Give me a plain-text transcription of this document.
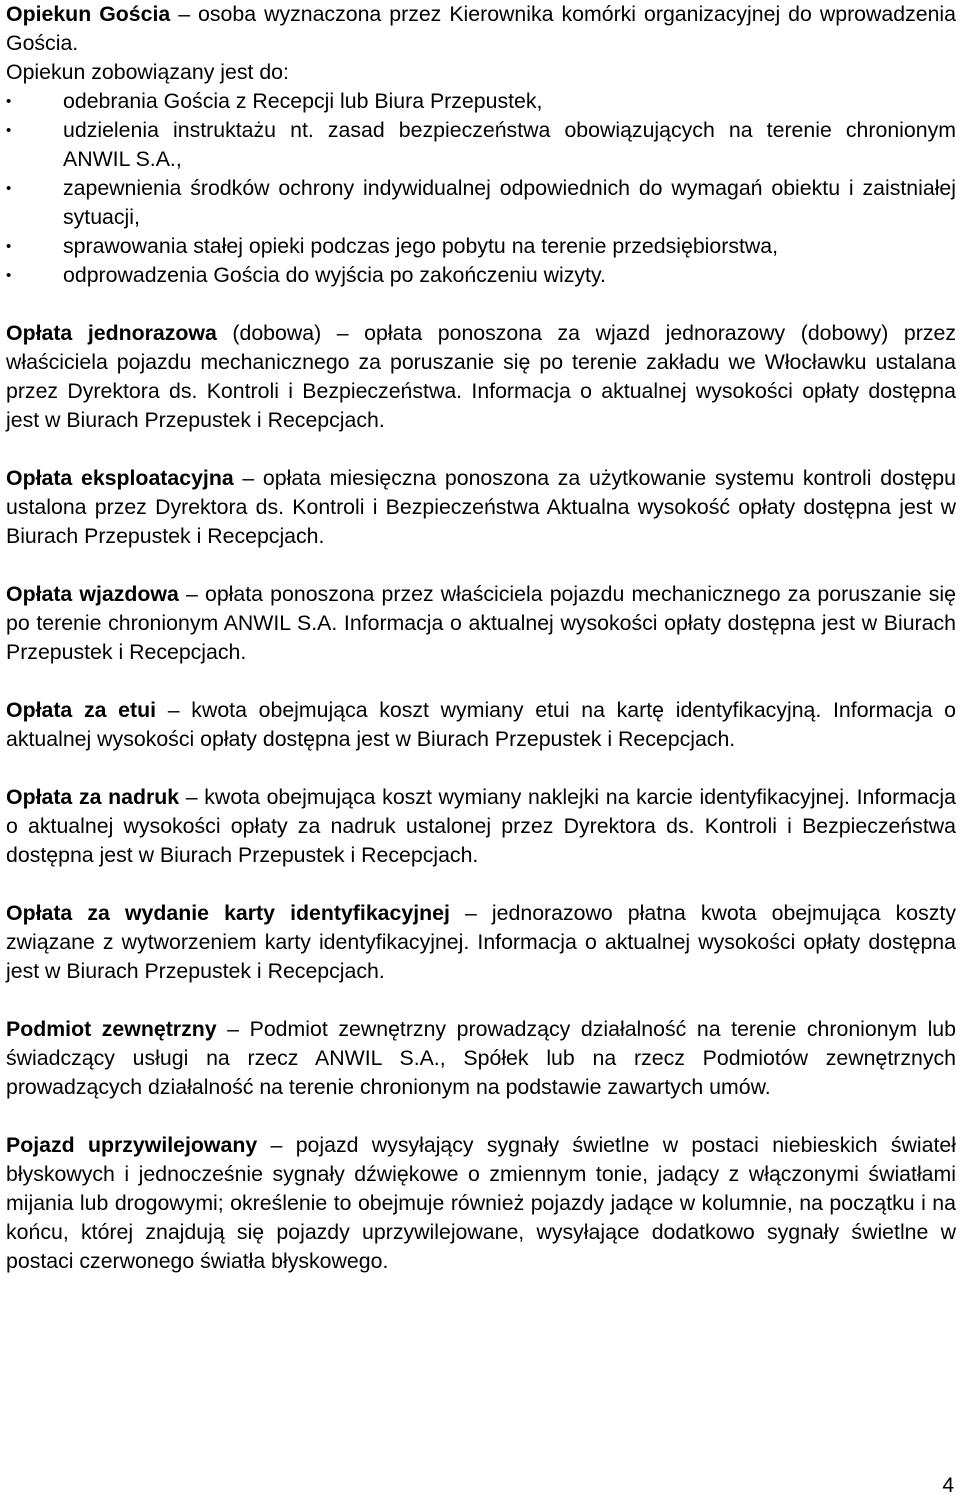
Opiekun Gościa – osoba wyznaczona przez Kierownika komórki organizacyjnej do wprowadzenia Gościa.

Opiekun zobowiązany jest do:

•	odebrania Gościa z Recepcji lub Biura Przepustek,
•	udzielenia instruktażu nt. zasad bezpieczeństwa obowiązujących na terenie chronionym ANWIL S.A.,
•	zapewnienia środków ochrony indywidualnej odpowiednich do wymagań obiektu i zaistniałej sytuacji,
•	sprawowania stałej opieki podczas jego pobytu na terenie przedsiębiorstwa,
•	odprowadzenia Gościa do wyjścia po zakończeniu wizyty.

Opłata jednorazowa (dobowa) – opłata ponoszona za wjazd jednorazowy (dobowy) przez właściciela pojazdu mechanicznego za poruszanie się po terenie zakładu we Włocławku ustalana przez Dyrektora ds. Kontroli i Bezpieczeństwa. Informacja o aktualnej wysokości opłaty dostępna jest w Biurach Przepustek i Recepcjach.

Opłata eksploatacyjna – opłata miesięczna ponoszona za użytkowanie systemu kontroli dostępu ustalona przez Dyrektora ds. Kontroli i Bezpieczeństwa Aktualna wysokość opłaty dostępna jest w Biurach Przepustek i Recepcjach.

Opłata wjazdowa – opłata ponoszona przez właściciela pojazdu mechanicznego za poruszanie się po terenie chronionym ANWIL S.A. Informacja o aktualnej wysokości opłaty dostępna jest w Biurach Przepustek i Recepcjach.

Opłata za etui – kwota obejmująca koszt wymiany etui na kartę identyfikacyjną. Informacja o aktualnej wysokości opłaty dostępna jest w Biurach Przepustek i Recepcjach.

Opłata za nadruk – kwota obejmująca koszt wymiany naklejki na karcie identyfikacyjnej. Informacja o aktualnej wysokości opłaty za nadruk ustalonej przez Dyrektora ds. Kontroli i Bezpieczeństwa dostępna jest w Biurach Przepustek i Recepcjach.

Opłata za wydanie karty identyfikacyjnej – jednorazowo płatna kwota obejmująca koszty związane z wytworzeniem karty identyfikacyjnej. Informacja o aktualnej wysokości opłaty dostępna jest w Biurach Przepustek i Recepcjach.

Podmiot zewnętrzny – Podmiot zewnętrzny prowadzący działalność na terenie chronionym lub świadczący usługi na rzecz ANWIL S.A., Spółek lub na rzecz Podmiotów zewnętrznych prowadzących działalność na terenie chronionym na podstawie zawartych umów.

Pojazd uprzywilejowany – pojazd wysyłający sygnały świetlne w postaci niebieskich świateł błyskowych i jednocześnie sygnały dźwiękowe o zmiennym tonie, jadący z włączonymi światłami mijania lub drogowymi; określenie to obejmuje również pojazdy jadące w kolumnie, na początku i na końcu, której znajdują się pojazdy uprzywilejowane, wysyłające dodatkowo sygnały świetlne w postaci czerwonego światła błyskowego.

4
